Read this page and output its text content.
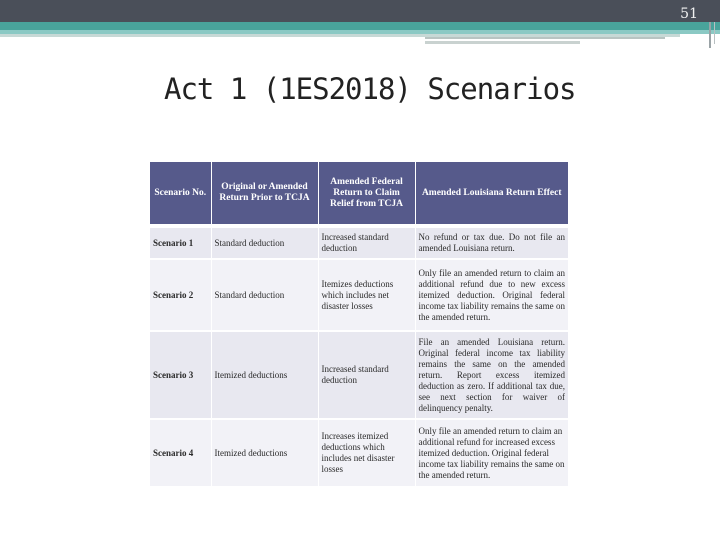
51
Act 1 (1ES2018) Scenarios
Scenario No.	Original or Amended Return Prior to TCJA	Amended Federal Return to Claim Relief from TCJA	Amended Louisiana Return Effect

Scenario 1	Standard deduction	Increased standard deduction	No refund or tax due. Do not file an amended Louisiana return.
Scenario 2	Standard deduction	Itemizes deductions which includes net disaster losses	Only file an amended return to claim an additional refund due to new excess itemized deduction. Original federal income tax liability remains the same on the amended return.
Scenario 3	Itemized deductions	Increased standard deduction	File an amended Louisiana return. Original federal income tax liability remains the same on the amended return. Report excess itemized deduction as zero. If additional tax due, see next section for waiver of delinquency penalty.
Scenario 4	Itemized deductions	Increases itemized deductions which includes net disaster losses	Only file an amended return to claim an additional refund for increased excess itemized deduction. Original federal income tax liability remains the same on the amended return.
